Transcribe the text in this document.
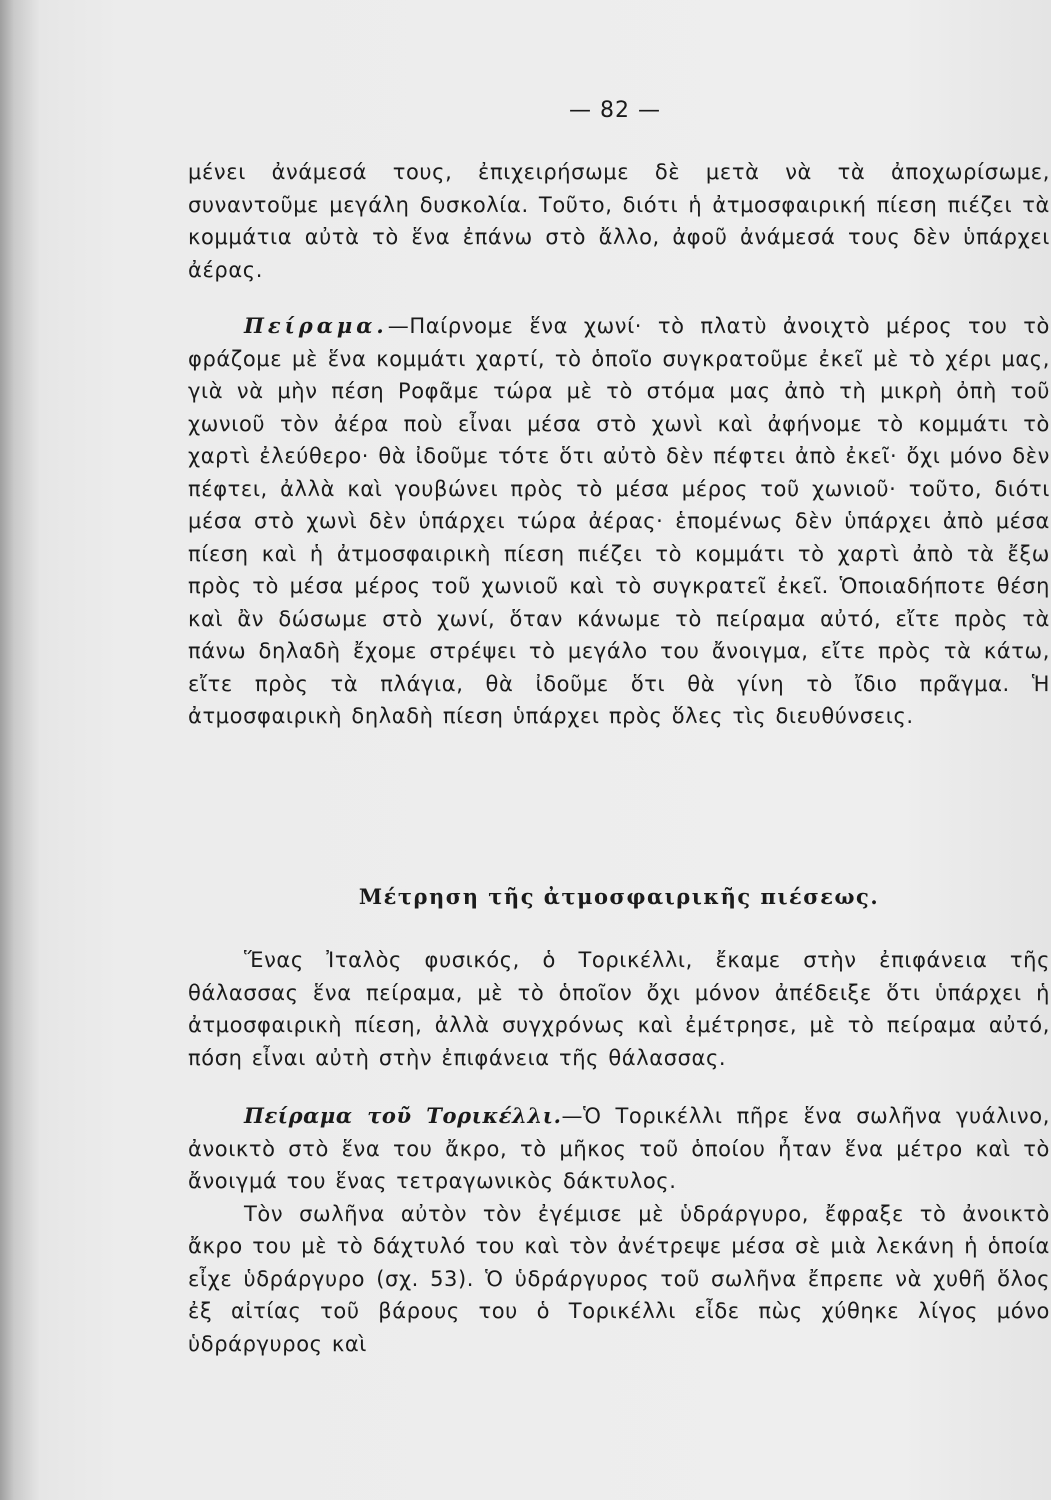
— 82 —

μένει ἀνάμεσά τους, ἐπιχειρήσωμε δὲ μετὰ νὰ τὰ ἀποχωρίσωμε, συναντοῦμε μεγάλη δυσκολία. Τοῦτο, διότι ἡ ἀτμοσφαιρική πίεση πιέζει τὰ κομμάτια αὐτὰ τὸ ἕνα ἐπάνω στὸ ἄλλο, ἀφοῦ ἀνάμεσά τους δὲν ὑπάρχει ἀέρας.

Πείραμα.—Παίρνομε ἕνα χωνί· τὸ πλατὺ ἀνοιχτὸ μέρος του τὸ φράζομε μὲ ἕνα κομμάτι χαρτί, τὸ ὁποῖο συγκρατοῦμε ἐκεῖ μὲ τὸ χέρι μας, γιὰ νὰ μὴν πέση Ροφᾶμε τώρα μὲ τὸ στόμα μας ἀπὸ τὴ μικρὴ ὀπὴ τοῦ χωνιοῦ τὸν ἀέρα ποὺ εἶναι μέσα στὸ χωνὶ καὶ ἀφήνομε τὸ κομμάτι τὸ χαρτὶ ἐλεύθερο· θὰ ἰδοῦμε τότε ὅτι αὐτὸ δὲν πέφτει ἀπὸ ἐκεῖ· ὄχι μόνο δὲν πέφτει, ἀλλὰ καὶ γουβώνει πρὸς τὸ μέσα μέρος τοῦ χωνιοῦ· τοῦτο, διότι μέσα στὸ χωνὶ δὲν ὑπάρχει τώρα ἀέρας· ἑπομένως δὲν ὑπάρχει ἀπὸ μέσα πίεση καὶ ἡ ἀτμοσφαιρικὴ πίεση πιέζει τὸ κομμάτι τὸ χαρτὶ ἀπὸ τὰ ἔξω πρὸς τὸ μέσα μέρος τοῦ χωνιοῦ καὶ τὸ συγκρατεῖ ἐκεῖ. Ὁποιαδήποτε θέση καὶ ἂν δώσωμε στὸ χωνί, ὅταν κάνωμε τὸ πείραμα αὐτό, εἴτε πρὸς τὰ πάνω δηλαδὴ ἔχομε στρέψει τὸ μεγάλο του ἄνοιγμα, εἴτε πρὸς τὰ κάτω, εἴτε πρὸς τὰ πλάγια, θὰ ἰδοῦμε ὅτι θὰ γίνη τὸ ἴδιο πρᾶγμα. Ἡ ἀτμοσφαιρικὴ δηλαδὴ πίεση ὑπάρχει πρὸς ὅλες τὶς διευθύνσεις.

Μέτρηση τῆς ἀτμοσφαιρικῆς πιέσεως.

Ἕνας Ἰταλὸς φυσικός, ὁ Τορικέλλι, ἔκαμε στὴν ἐπιφάνεια τῆς θάλασσας ἕνα πείραμα, μὲ τὸ ὁποῖον ὄχι μόνον ἀπέδειξε ὅτι ὑπάρχει ἡ ἀτμοσφαιρικὴ πίεση, ἀλλὰ συγχρόνως καὶ ἐμέτρησε, μὲ τὸ πείραμα αὐτό, πόση εἶναι αὐτὴ στὴν ἐπιφάνεια τῆς θάλασσας.

Πείραμα τοῦ Τορικέλλι.—Ὁ Τορικέλλι πῆρε ἕνα σωλῆνα γυάλινο, ἀνοικτὸ στὸ ἕνα του ἄκρο, τὸ μῆκος τοῦ ὁποίου ἦταν ἕνα μέτρο καὶ τὸ ἄνοιγμά του ἕνας τετραγωνικὸς δάκτυλος.

Τὸν σωλῆνα αὐτὸν τὸν ἐγέμισε μὲ ὑδράργυρο, ἔφραξε τὸ ἀνοικτὸ ἄκρο του μὲ τὸ δάχτυλό του καὶ τὸν ἀνέτρεψε μέσα σὲ μιὰ λεκάνη ἡ ὁποία εἶχε ὑδράργυρο (σχ. 53). Ὁ ὑδράργυρος τοῦ σωλῆνα ἔπρεπε νὰ χυθῆ ὅλος ἐξ αἰτίας τοῦ βάρους του ὁ Τορικέλλι εἶδε πὼς χύθηκε λίγος μόνο ὑδράργυρος καὶ
